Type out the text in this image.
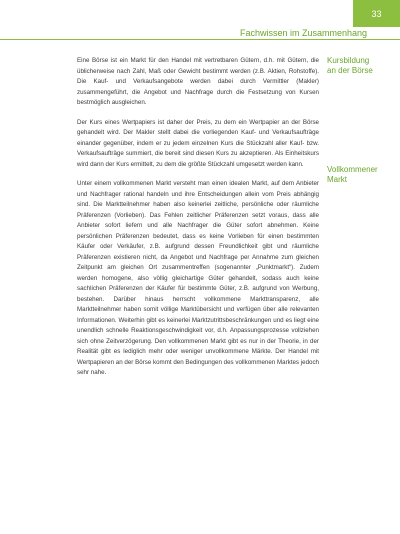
33
Fachwissen im Zusammenhang

Eine Börse ist ein Markt für den Handel mit vertretbaren Gütern, d.h. mit Gütern, die üblicherweise nach Zahl, Maß oder Gewicht bestimmt werden (z.B. Aktien, Rohstoffe). Die Kauf- und Verkaufsangebote werden dabei durch Vermittler (Makler) zusammengeführt, die Angebot und Nachfrage durch die Festsetzung von Kursen bestmöglich ausgleichen.

Der Kurs eines Wertpapiers ist daher der Preis, zu dem ein Wertpapier an der Börse gehandelt wird. Der Makler stellt dabei die vorliegenden Kauf- und Verkaufsaufträge einander gegenüber, indem er zu jedem einzelnen Kurs die Stückzahl aller Kauf- bzw. Verkaufsaufträge summiert, die bereit sind diesen Kurs zu akzeptieren. Als Einheitskurs wird dann der Kurs ermittelt, zu dem die größte Stückzahl umgesetzt werden kann.

Unter einem vollkommenen Markt versteht man einen idealen Markt, auf dem Anbieter und Nachfrager rational handeln und ihre Entscheidungen allein vom Preis abhängig sind. Die Marktteilnehmer haben also keinerlei zeitliche, persönliche oder räumliche Präferenzen (Vorlieben). Das Fehlen zeitlicher Präferenzen setzt voraus, dass alle Anbieter sofort liefern und alle Nachfrager die Güter sofort abnehmen. Keine persönlichen Präferenzen bedeutet, dass es keine Vorlieben für einen bestimmten Käufer oder Verkäufer, z.B. aufgrund dessen Freundlichkeit gibt und räumliche Präferenzen existieren nicht, da Angebot und Nachfrage per Annahme zum gleichen Zeitpunkt am gleichen Ort zusammentreffen (sogenannter „Punktmarkt“). Zudem werden homogene, also völlig gleichartige Güter gehandelt, sodass auch keine sachlichen Präferenzen der Käufer für bestimmte Güter, z.B. aufgrund von Werbung, bestehen. Darüber hinaus herrscht vollkommene Markttransparenz, alle Marktteilnehmer haben somit völlige Marktübersicht und verfügen über alle relevanten Informationen. Weiterhin gibt es keinerlei Marktzutrittsbeschränkungen und es liegt eine unendlich schnelle Reaktionsgeschwindigkeit vor, d.h. Anpassungsprozesse vollziehen sich ohne Zeitverzögerung. Den vollkommenen Markt gibt es nur in der Theorie, in der Realität gibt es lediglich mehr oder weniger unvollkommene Märkte. Der Handel mit Wertpapieren an der Börse kommt den Bedingungen des vollkommenen Marktes jedoch sehr nahe.

Kursbildung
an der Börse
Vollkommener
Markt
